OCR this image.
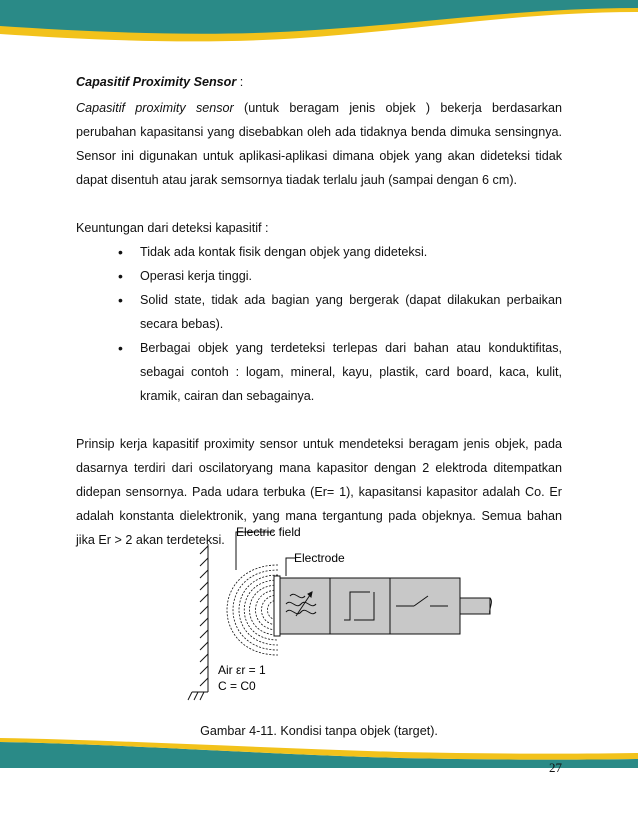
Capasitif Proximity Sensor :

Capasitif proximity sensor (untuk beragam jenis objek ) bekerja berdasarkan perubahan kapasitansi yang disebabkan oleh ada tidaknya benda dimuka sensingnya. Sensor ini digunakan untuk aplikasi-aplikasi dimana objek yang akan dideteksi tidak dapat disentuh atau jarak semsornya tiadak terlalu jauh (sampai dengan 6 cm).

Keuntungan dari deteksi kapasitif :

• Tidak ada kontak fisik dengan objek yang dideteksi.
• Operasi kerja tinggi.
• Solid state, tidak ada bagian yang bergerak (dapat dilakukan perbaikan secara bebas).
• Berbagai objek yang terdeteksi terlepas dari bahan atau konduktifitas, sebagai contoh : logam, mineral, kayu, plastik, card board, kaca, kulit, kramik, cairan dan sebagainya.

Prinsip kerja kapasitif proximity sensor untuk mendeteksi beragam jenis objek, pada dasarnya terdiri dari oscilatoryang mana kapasitor dengan 2 elektroda ditempatkan didepan sensornya. Pada udara terbuka (Er= 1), kapasitansi kapasitor adalah Co. Er adalah konstanta dielektronik, yang mana tergantung pada objeknya. Semua bahan jika Er > 2 akan terdeteksi.

Electric field
Electrode
Air εr = 1
C = C0
Gambar 4-11. Kondisi tanpa objek (target).
27
